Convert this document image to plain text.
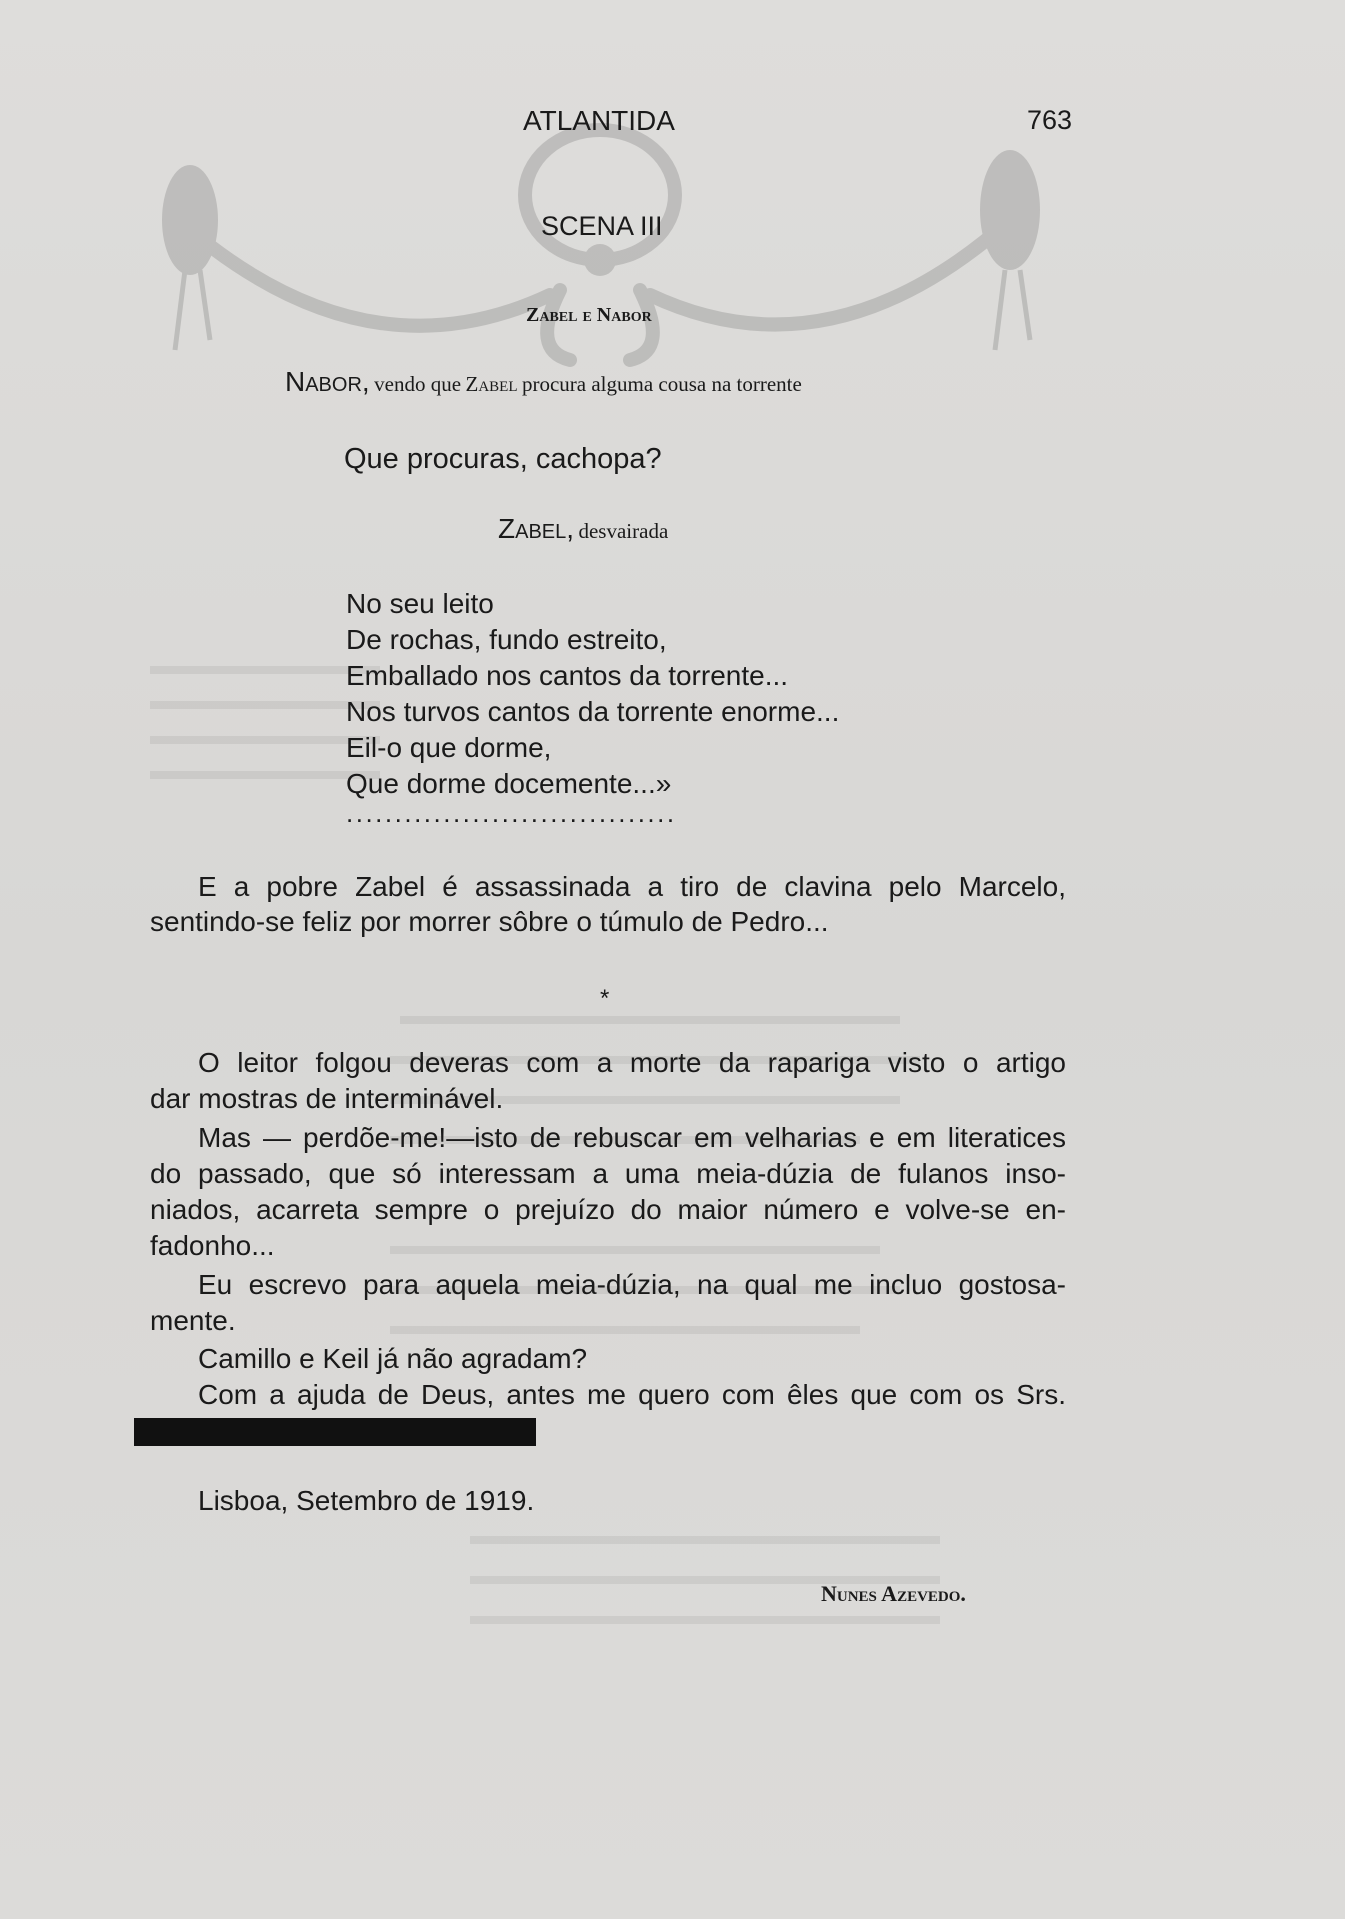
ATLANTIDA	763
SCENA III
Zabel e Nabor
Nabor, vendo que Zabel procura alguma cousa na torrente
Que procuras, cachopa?
Zabel, desvairada
No seu leito
De rochas, fundo estreito,
Emballado nos cantos da torrente...
Nos turvos cantos da torrente enorme...
Eil-o que dorme,
Que dorme docemente...»
..................................
E a pobre Zabel é assassinada a tiro de clavina pelo Marcelo,
sentindo-se feliz por morrer sôbre o túmulo de Pedro...
*
O leitor folgou deveras com a morte da rapariga visto o artigo
dar mostras de interminável.
Mas — perdõe-me!—isto de rebuscar em velharias e em literatices
do passado, que só interessam a uma meia-dúzia de fulanos inso-
niados, acarreta sempre o prejuízo do maior número e volve-se en-
fadonho...
Eu escrevo para aquela meia-dúzia, na qual me incluo gostosa-
mente.
Camillo e Keil já não agradam?
Com a ajuda de Deus, antes me quero com êles que com os Srs.
Lisboa, Setembro de 1919.
Nunes Azevedo.
